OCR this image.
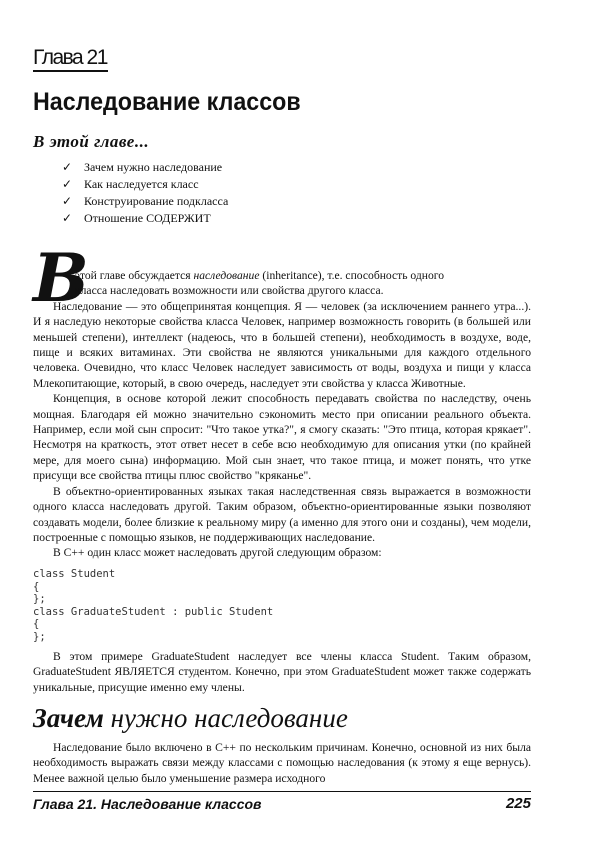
Глава 21
Наследование классов
В этой главе...
✓ Зачем нужно наследование
✓ Как наследуется класс
✓ Конструирование подкласса
✓ Отношение СОДЕРЖИТ
В

этой главе обсуждается наследование (inheritance), т.е. способность одного

класса наследовать возможности или свойства другого класса.

Наследование — это общепринятая концепция. Я — человек (за исключением раннего утра...). И я наследую некоторые свойства класса Человек, например возможность говорить (в большей или меньшей степени), интеллект (надеюсь, что в большей степени), необходимость в воздухе, воде, пище и всяких витаминах. Эти свойства не являются уникальными для каждого отдельного человека. Очевидно, что класс Человек наследует зависимость от воды, воздуха и пищи у класса Млекопитающие, который, в свою очередь, наследует эти свойства у класса Животные.

Концепция, в основе которой лежит способность передавать свойства по наследству, очень мощная. Благодаря ей можно значительно сэкономить место при описании реального объекта. Например, если мой сын спросит: "Что такое утка?", я смогу сказать: "Это птица, которая крякает". Несмотря на краткость, этот ответ несет в себе всю необходимую для описания утки (по крайней мере, для моего сына) информацию. Мой сын знает, что такое птица, и может понять, что утке присущи все свойства птицы плюс свойство "кряканье".

В объектно-ориентированных языках такая наследственная связь выражается в возможности одного класса наследовать другой. Таким образом, объектно-ориентированные языки позволяют создавать модели, более близкие к реальному миру (а именно для этого они и созданы), чем модели, построенные с помощью языков, не поддерживающих наследование.

В С++ один класс может наследовать другой следующим образом:

class Student
{
};
class GraduateStudent : public Student
{
};

В этом примере GraduateStudent наследует все члены класса Student. Таким образом, GraduateStudent ЯВЛЯЕТСЯ студентом. Конечно, при этом GraduateStudent может также содержать уникальные, присущие именно ему члены.

Зачем нужно наследование

Наследование было включено в С++ по нескольким причинам. Конечно, основной из них была необходимость выражать связи между классами с помощью наследования (к этому я еще вернусь). Менее важной целью было уменьшение размера исходного

Глава 21. Наследование классов	225
